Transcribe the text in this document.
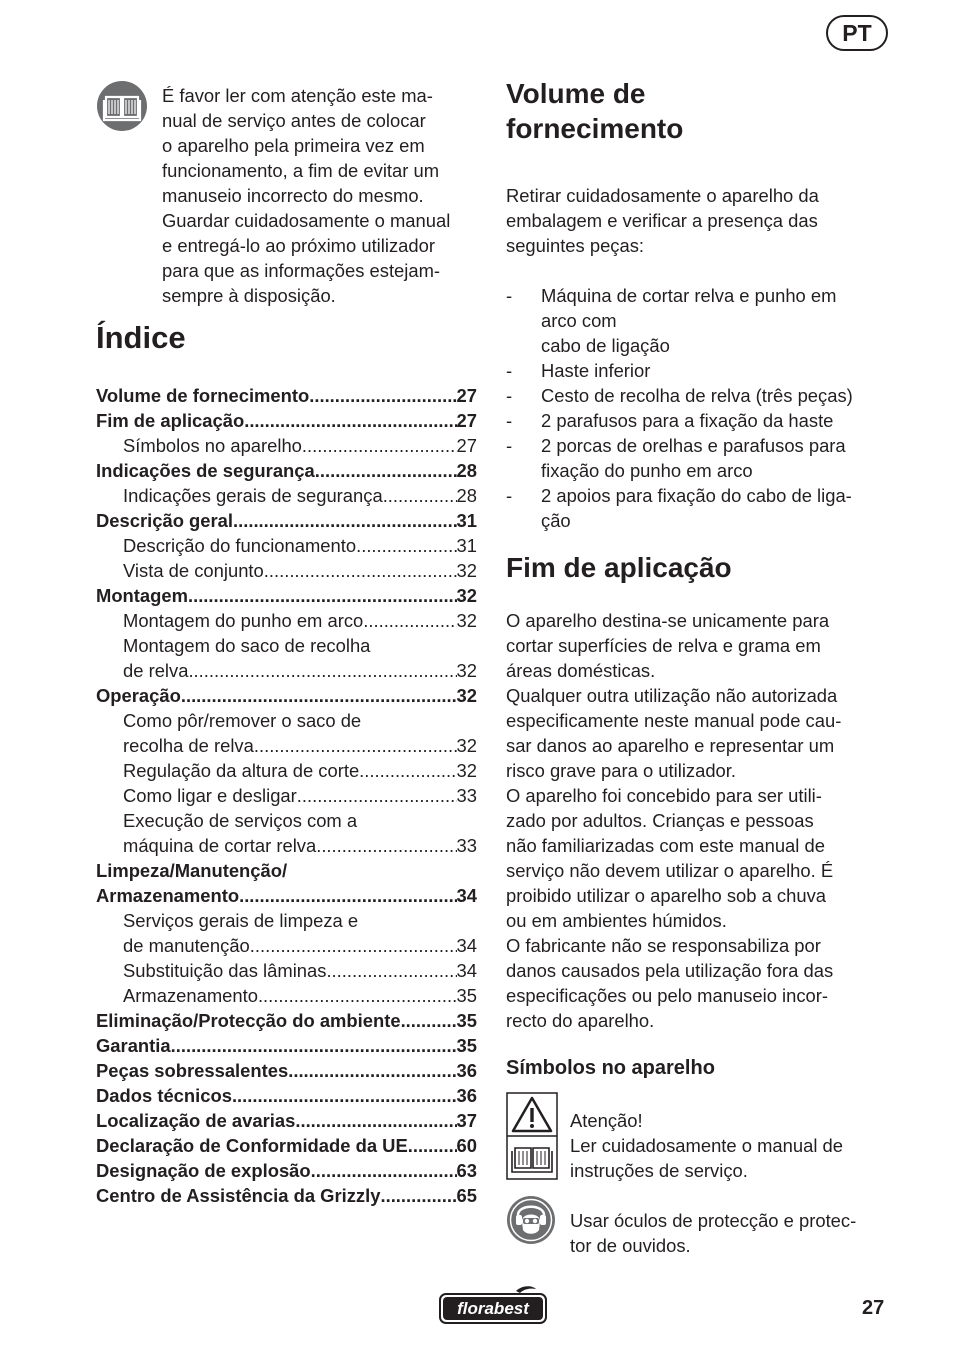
PT
É favor ler com atenção este ma-
nual de serviço antes de colocar
o aparelho pela primeira vez em
funcionamento, a fim de evitar um
manuseio incorrecto do mesmo.
Guardar cuidadosamente o manual
e entregá-lo ao próximo utilizador
para que as informações estejam-
sempre à disposição.
Índice
Volume de fornecimento .....	27
Fim de aplicação .....	27
Símbolos no aparelho .....	27
Indicações de segurança .....	28
Indicações gerais de segurança .....	28
Descrição geral .....	31
Descrição do funcionamento .....	31
Vista de conjunto .....	32
Montagem .....	32
Montagem do punho em arco .....	32
Montagem do saco de recolha
de relva .....	32
Operação .....	32
Como pôr/remover o saco de
recolha de relva .....	32
Regulação da altura de corte .....	32
Como ligar e desligar .....	33
Execução de serviços com a
máquina de cortar relva .....	33
Limpeza/Manutenção/
Armazenamento .....	34
Serviços gerais de limpeza e
de manutenção .....	34
Substituição das lâminas .....	34
Armazenamento .....	35
Eliminação/Protecção do ambiente .....	35
Garantia .....	35
Peças sobressalentes .....	36
Dados técnicos .....	36
Localização de avarias .....	37
Declaração de Conformidade da UE .....	60
Designação de explosão .....	63
Centro de Assistência da Grizzly .....	65
Volume de
fornecimento
Retirar cuidadosamente o aparelho da
embalagem e verificar a presença das
seguintes peças:
-	Máquina de cortar relva e punho em
arco com
cabo de ligação
-	Haste inferior
-	Cesto de recolha de relva (três peças)
-	2 parafusos para a fixação da haste
-	2 porcas de orelhas e parafusos para
fixação do punho em arco
-	2 apoios para fixação do cabo de liga-
ção
Fim de aplicação
O aparelho destina-se unicamente para
cortar superfícies de relva e grama em
áreas domésticas.
Qualquer outra utilização não autorizada
especificamente neste manual pode cau-
sar danos ao aparelho e representar um
risco grave para o utilizador.
O aparelho foi concebido para ser utili-
zado por adultos. Crianças e pessoas
não familiarizadas com este manual de
serviço não devem utilizar o aparelho. É
proibido utilizar o aparelho sob a chuva
ou em ambientes húmidos.
O fabricante não se responsabiliza por
danos causados pela utilização fora das
especificações ou pelo manuseio incor-
recto do aparelho.
Símbolos no aparelho
Atenção!
Ler cuidadosamente o manual de
instruções de serviço.
Usar óculos de protecção e protec-
tor de ouvidos.
florabest	27
